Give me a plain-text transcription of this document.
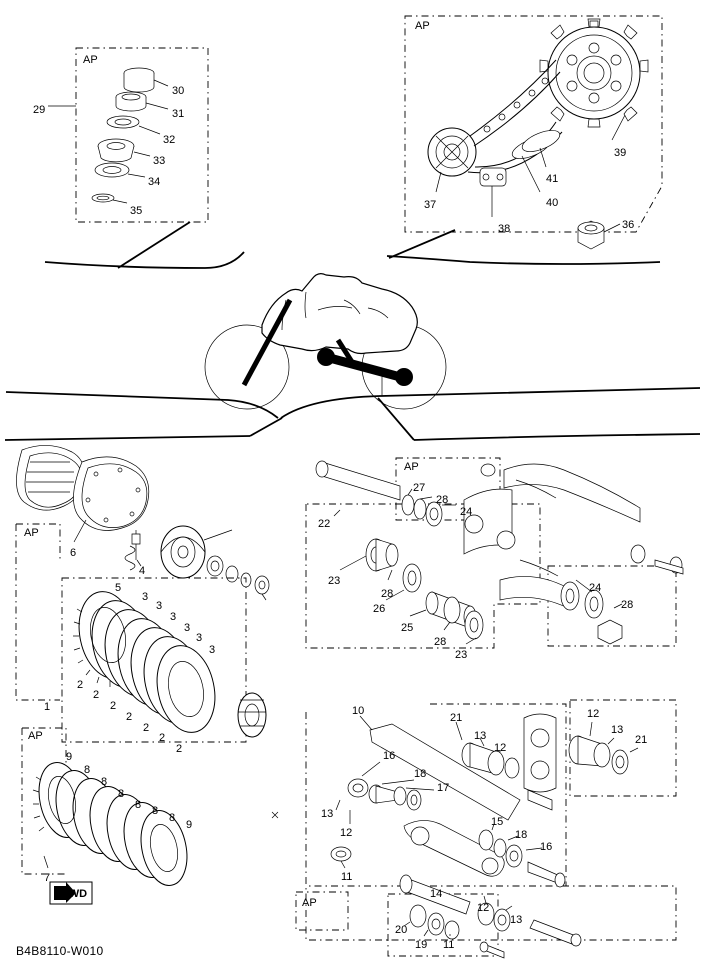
AP
AP
AP
AP
AP
AP
29
30
31
32
33
34
35
39
41
40
37
38	36
6
4
5
3
3
3
3
3
3
2
2
2
2
2
2
2
1
9
8
8
8
8 8
8
9
7
22
27
28
24
23
28
26
25
28
23
24
28
10
21
13
12
12
13
21
16
18
17
13
12
11
15
18
16
14
12
13
20
19 11
FWD
B4B8110-W010
